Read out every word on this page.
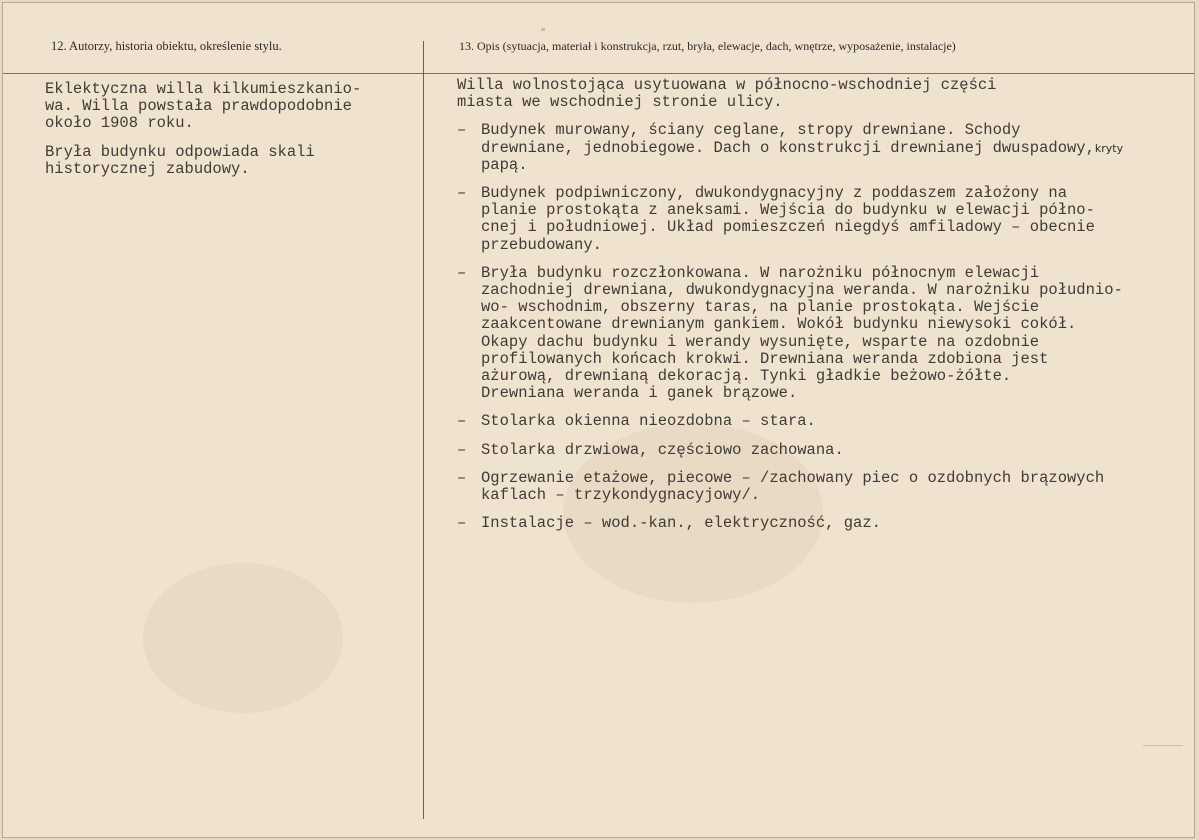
12. Autorzy, historia obiektu, określenie stylu.

Eklektyczna willa kilkumieszkanio-
wa. Willa powstała prawdopodobnie
około 1908 roku.

Bryła budynku odpowiada skali
historycznej zabudowy.

13. Opis (sytuacja, materiał i konstrukcja, rzut, bryła, elewacje, dach, wnętrze, wyposażenie, instalacje)

Willa wolnostojąca usytuowana w północno-wschodniej części
miasta we wschodniej stronie ulicy.

– Budynek murowany, ściany ceglane, stropy drewniane. Schody
drewniane, jednobiegowe. Dach o konstrukcji drewnianej dwuspadowy,kryty
papą.

– Budynek podpiwniczony, dwukondygnacyjny z poddaszem założony na
planie prostokąta z aneksami. Wejścia do budynku w elewacji półno-
cnej i południowej. Układ pomieszczeń niegdyś amfiladowy – obecnie
przebudowany.

– Bryła budynku rozczłonkowana. W narożniku północnym elewacji
zachodniej drewniana, dwukondygnacyjna weranda. W narożniku południo-
wo- wschodnim, obszerny taras, na planie prostokąta. Wejście
zaakcentowane drewnianym gankiem. Wokół budynku niewysoki cokół.
Okapy dachu budynku i werandy wysunięte, wsparte na ozdobnie
profilowanych końcach krokwi. Drewniana weranda zdobiona jest
ażurową, drewnianą dekoracją. Tynki gładkie beżowo-żółte.
Drewniana weranda i ganek brązowe.

– Stolarka okienna nieozdobna – stara.

– Stolarka drzwiowa, częściowo zachowana.

– Ogrzewanie etażowe, piecowe – /zachowany piec o ozdobnych brązowych
kaflach – trzykondygnacyjowy/.

– Instalacje – wod.-kan., elektryczność, gaz.
